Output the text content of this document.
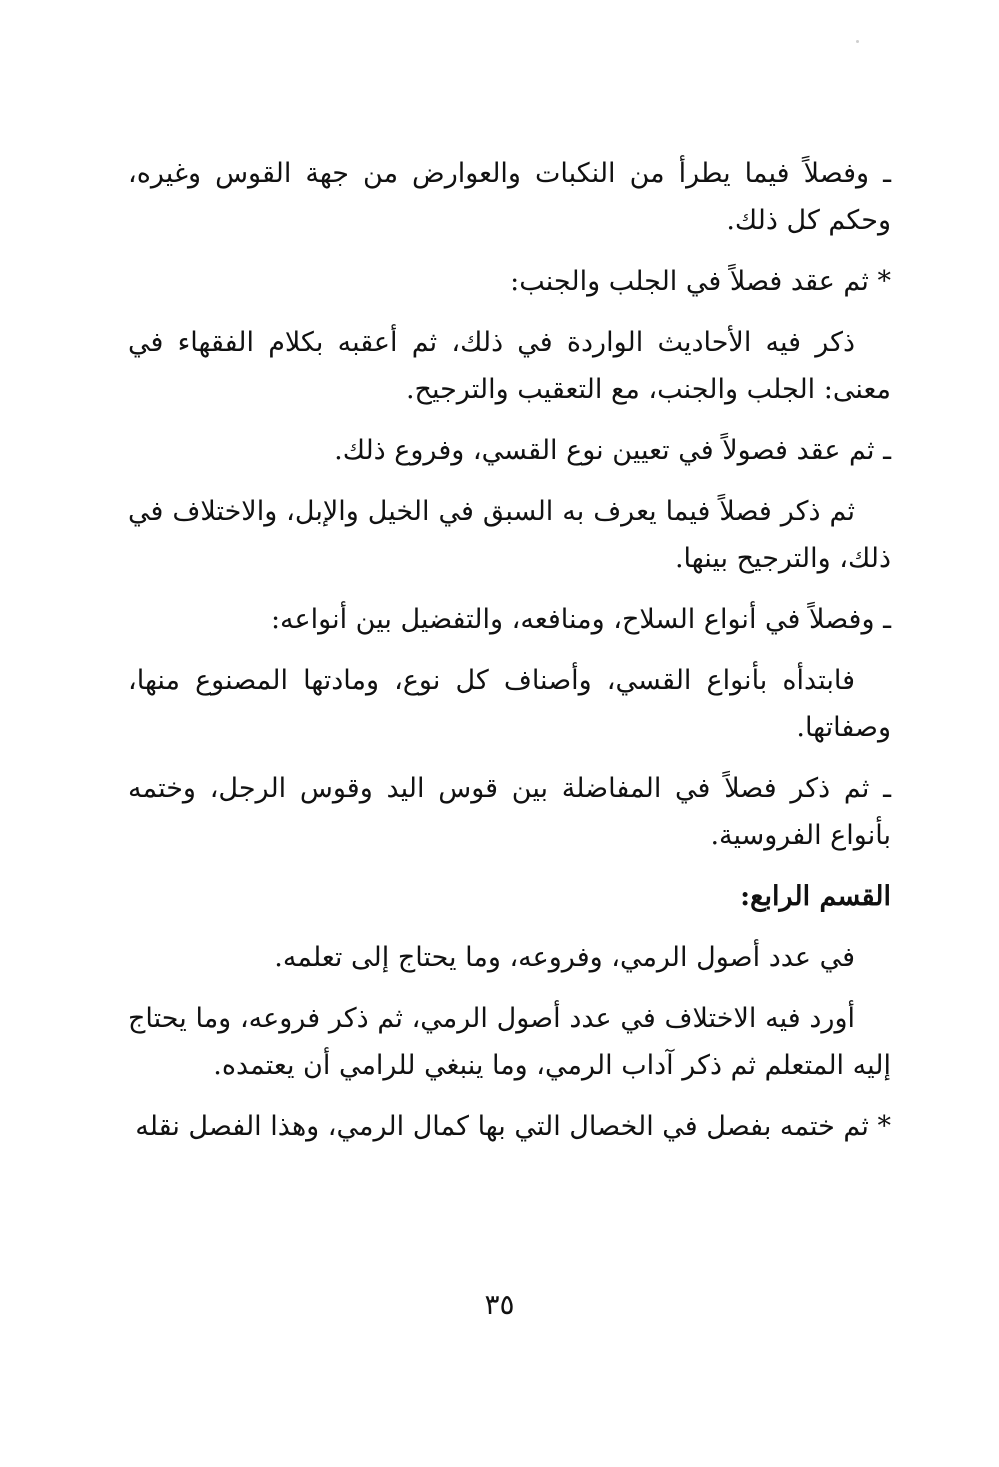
ـ وفصلاً فيما يطرأ من النكبات والعوارض من جهة القوس وغيره، وحكم كل ذلك.

* ثم عقد فصلاً في الجلب والجنب:

ذكر فيه الأحاديث الواردة في ذلك، ثم أعقبه بكلام الفقهاء في معنى: الجلب والجنب، مع التعقيب والترجيح.

ـ ثم عقد فصولاً في تعيين نوع القسي، وفروع ذلك.

ثم ذكر فصلاً فيما يعرف به السبق في الخيل والإبل، والاختلاف في ذلك، والترجيح بينها.

ـ وفصلاً في أنواع السلاح، ومنافعه، والتفضيل بين أنواعه:

فابتدأه بأنواع القسي، وأصناف كل نوع، ومادتها المصنوع منها، وصفاتها.

ـ ثم ذكر فصلاً في المفاضلة بين قوس اليد وقوس الرجل، وختمه بأنواع الفروسية.

القسم الرابع:

في عدد أصول الرمي، وفروعه، وما يحتاج إلى تعلمه.

أورد فيه الاختلاف في عدد أصول الرمي، ثم ذكر فروعه، وما يحتاج إليه المتعلم ثم ذكر آداب الرمي، وما ينبغي للرامي أن يعتمده.

* ثم ختمه بفصل في الخصال التي بها كمال الرمي، وهذا الفصل نقله

٣٥
